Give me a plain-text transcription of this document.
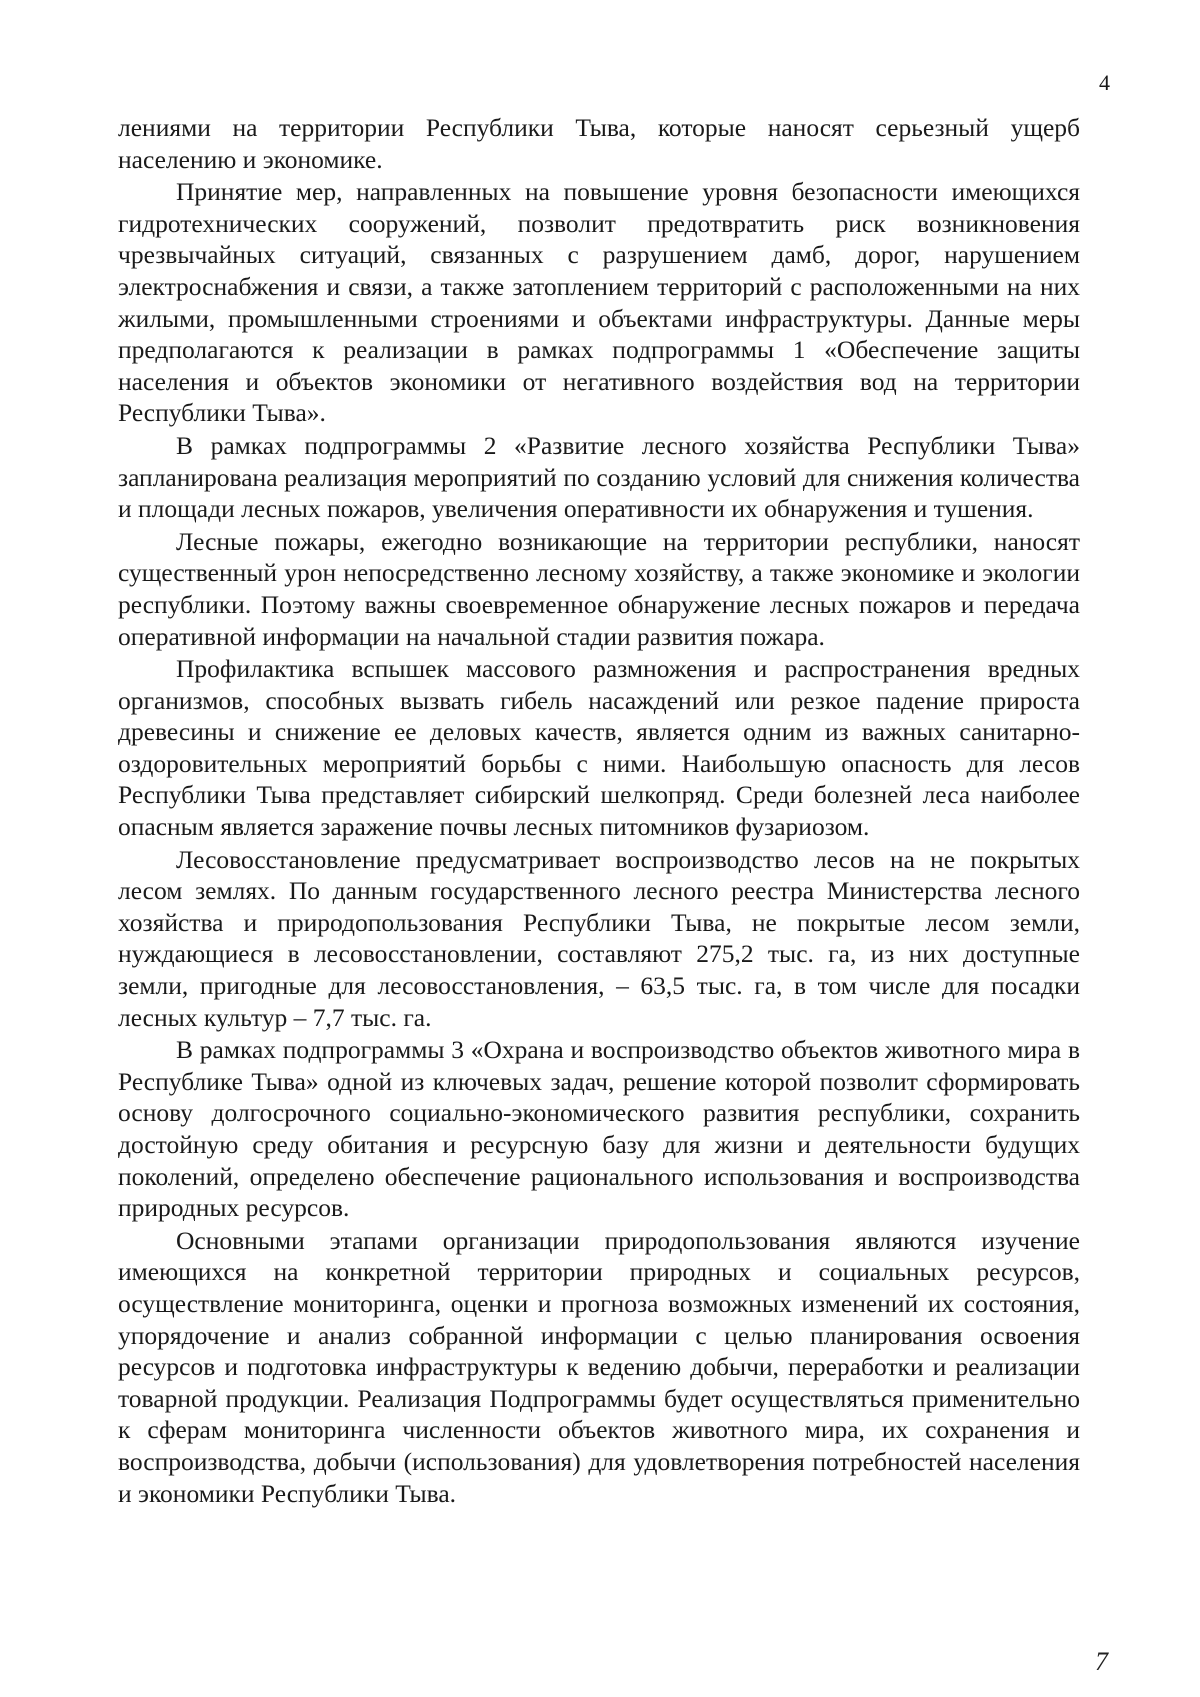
4

лениями на территории Республики Тыва, которые наносят серьезный ущерб населению и экономике.

Принятие мер, направленных на повышение уровня безопасности имеющихся гидротехнических сооружений, позволит предотвратить риск возникновения чрезвычайных ситуаций, связанных с разрушением дамб, дорог, нарушением электроснабжения и связи, а также затоплением территорий с расположенными на них жилыми, промышленными строениями и объектами инфраструктуры. Данные меры предполагаются к реализации в рамках подпрограммы 1 «Обеспечение защиты населения и объектов экономики от негативного воздействия вод на территории Республики Тыва».

В рамках подпрограммы 2 «Развитие лесного хозяйства Республики Тыва» запланирована реализация мероприятий по созданию условий для снижения количества и площади лесных пожаров, увеличения оперативности их обнаружения и тушения.

Лесные пожары, ежегодно возникающие на территории республики, наносят существенный урон непосредственно лесному хозяйству, а также экономике и экологии республики. Поэтому важны своевременное обнаружение лесных пожаров и передача оперативной информации на начальной стадии развития пожара.

Профилактика вспышек массового размножения и распространения вредных организмов, способных вызвать гибель насаждений или резкое падение прироста древесины и снижение ее деловых качеств, является одним из важных санитарно-оздоровительных мероприятий борьбы с ними. Наибольшую опасность для лесов Республики Тыва представляет сибирский шелкопряд. Среди болезней леса наиболее опасным является заражение почвы лесных питомников фузариозом.

Лесовосстановление предусматривает воспроизводство лесов на не покрытых лесом землях. По данным государственного лесного реестра Министерства лесного хозяйства и природопользования Республики Тыва, не покрытые лесом земли, нуждающиеся в лесовосстановлении, составляют 275,2 тыс. га, из них доступные земли, пригодные для лесовосстановления, – 63,5 тыс. га, в том числе для посадки лесных культур – 7,7 тыс. га.

В рамках подпрограммы 3 «Охрана и воспроизводство объектов животного мира в Республике Тыва» одной из ключевых задач, решение которой позволит сформировать основу долгосрочного социально-экономического развития республики, сохранить достойную среду обитания и ресурсную базу для жизни и деятельности будущих поколений, определено обеспечение рационального использования и воспроизводства природных ресурсов.

Основными этапами организации природопользования являются изучение имеющихся на конкретной территории природных и социальных ресурсов, осуществление мониторинга, оценки и прогноза возможных изменений их состояния, упорядочение и анализ собранной информации с целью планирования освоения ресурсов и подготовка инфраструктуры к ведению добычи, переработки и реализации товарной продукции. Реализация Подпрограммы будет осуществляться применительно к сферам мониторинга численности объектов животного мира, их сохранения и воспроизводства, добычи (использования) для удовлетворения потребностей населения и экономики Республики Тыва.

7
